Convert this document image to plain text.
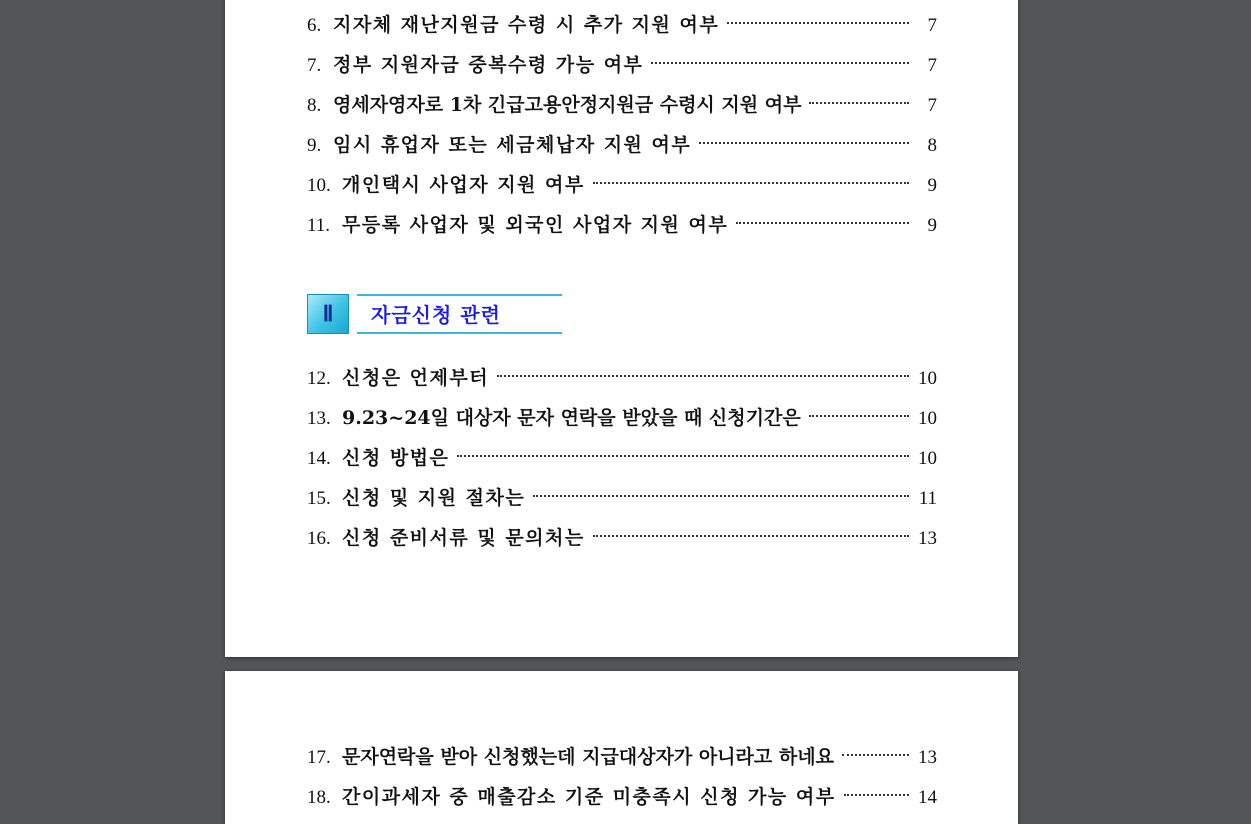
6. 지자체 재난지원금 수령 시 추가 지원 여부	7
7. 정부 지원자금 중복수령 가능 여부	7
8. 영세자영자로 1차 긴급고용안정지원금 수령시 지원 여부	7
9. 임시 휴업자 또는 세금체납자 지원 여부	8
10. 개인택시 사업자 지원 여부	9
11. 무등록 사업자 및 외국인 사업자 지원 여부	9
Ⅱ	자금신청 관련
12. 신청은 언제부터	10
13. 9.23~24일 대상자 문자 연락을 받았을 때 신청기간은	10
14. 신청 방법은	10
15. 신청 및 지원 절차는	11
16. 신청 준비서류 및 문의처는	13
17. 문자연락을 받아 신청했는데 지급대상자가 아니라고 하네요	13
18. 간이과세자 중 매출감소 기준 미충족시 신청 가능 여부	14
